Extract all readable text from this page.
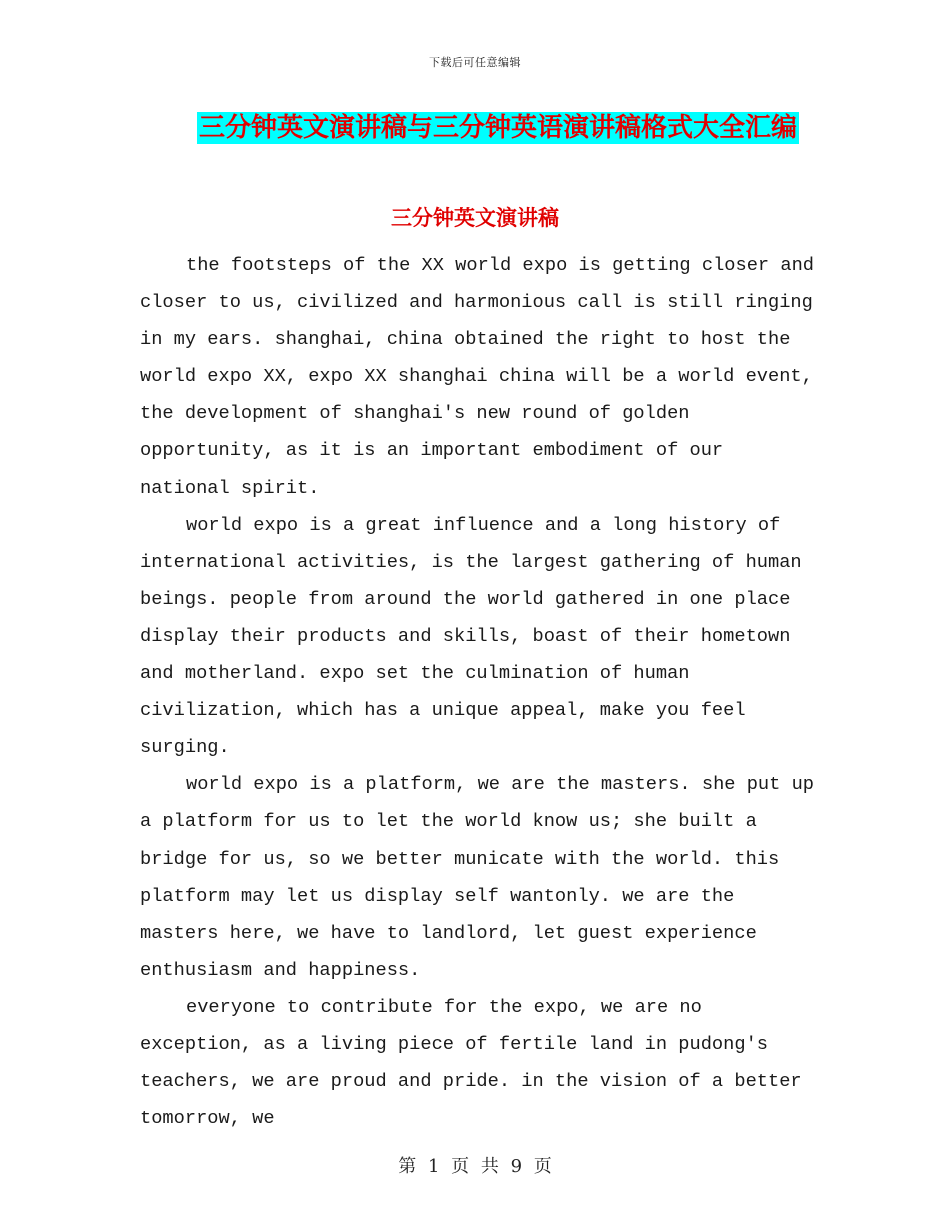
下载后可任意编辑
三分钟英文演讲稿与三分钟英语演讲稿格式大全汇编
三分钟英文演讲稿

the footsteps of the XX world expo is getting closer and closer to us, civilized and harmonious call is still ringing in my ears. shanghai, china obtained the right to host the world expo XX, expo XX shanghai china will be a world event, the development of shanghai's new round of golden opportunity, as it is an important embodiment of our national spirit.

world expo is a great influence and a long history of international activities, is the largest gathering of human beings. people from around the world gathered in one place display their products and skills, boast of their hometown and motherland. expo set the culmination of human civilization, which has a unique appeal, make you feel surging.

world expo is a platform, we are the masters. she put up a platform for us to let the world know us; she built a bridge for us, so we better municate with the world. this platform may let us display self wantonly. we are the masters here, we have to landlord, let guest experience enthusiasm and happiness.

everyone to contribute for the expo, we are no exception, as a living piece of fertile land in pudong's teachers, we are proud and pride. in the vision of a better tomorrow, we

第 1 页 共 9 页
